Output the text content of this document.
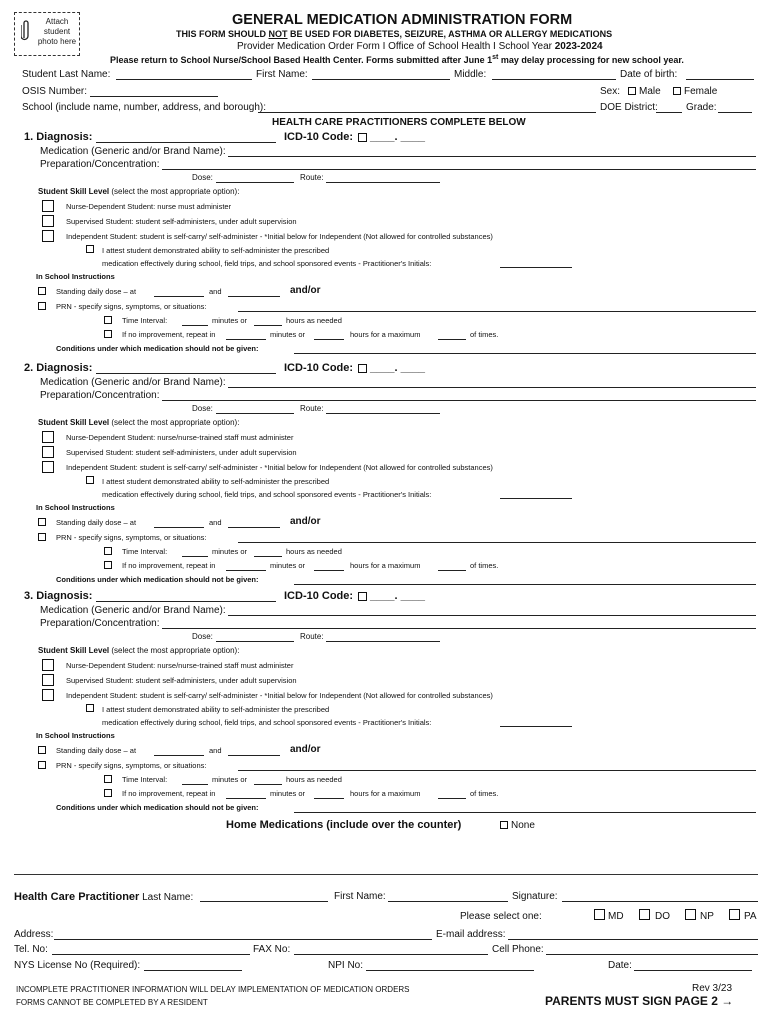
Attach student photo here
GENERAL MEDICATION ADMINISTRATION FORM
THIS FORM SHOULD NOT BE USED FOR DIABETES, SEIZURE, ASTHMA OR ALLERGY MEDICATIONS
Provider Medication Order Form I Office of School Health I School Year 2023-2024
Please return to School Nurse/School Based Health Center. Forms submitted after June 1st may delay processing for new school year.
Student Last Name:	First Name:	Middle:	Date of birth:
OSIS Number:	Sex:	Male	Female
School (include name, number, address, and borough):	DOE District:	Grade:
HEALTH CARE PRACTITIONERS COMPLETE BELOW
1. Diagnosis:	ICD-10 Code: ____. ____
Medication (Generic and/or Brand Name):
Preparation/Concentration:
Dose:	Route:
Student Skill Level (select the most appropriate option):
Nurse-Dependent Student: nurse must administer
Supervised Student: student self-administers, under adult supervision
Independent Student: student is self-carry/ self-administer - *Initial below for Independent (Not allowed for controlled substances)
I attest student demonstrated ability to self-administer the prescribed
medication effectively during school, field trips, and school sponsored events - Practitioner's Initials:
In School Instructions
Standing daily dose – at	and	and/or
PRN - specify signs, symptoms, or situations:
Time Interval:	minutes or	hours as needed
If no improvement, repeat in	minutes or	hours for a maximum	of times.
Conditions under which medication should not be given:
2. Diagnosis:	ICD-10 Code: ____. ____
Medication (Generic and/or Brand Name):
Preparation/Concentration:
Dose:	Route:
Student Skill Level (select the most appropriate option):
Nurse-Dependent Student: nurse/nurse-trained staff must administer
Supervised Student: student self-administers, under adult supervision
Independent Student: student is self-carry/ self-administer - *Initial below for Independent (Not allowed for controlled substances)
I attest student demonstrated ability to self-administer the prescribed
medication effectively during school, field trips, and school sponsored events - Practitioner's Initials:
In School Instructions
Standing daily dose – at	and	and/or
PRN - specify signs, symptoms, or situations:
Time Interval:	minutes or	hours as needed
If no improvement, repeat in	minutes or	hours for a maximum	of times.
Conditions under which medication should not be given:
3. Diagnosis:	ICD-10 Code: ____. ____
Medication (Generic and/or Brand Name):
Preparation/Concentration:
Dose:	Route:
Student Skill Level (select the most appropriate option):
Nurse-Dependent Student: nurse/nurse-trained staff must administer
Supervised Student: student self-administers, under adult supervision
Independent Student: student is self-carry/ self-administer - *Initial below for Independent (Not allowed for controlled substances)
I attest student demonstrated ability to self-administer the prescribed
medication effectively during school, field trips, and school sponsored events - Practitioner's Initials:
In School Instructions
Standing daily dose – at	and	and/or
PRN - specify signs, symptoms, or situations:
Time Interval:	minutes or	hours as needed
If no improvement, repeat in	minutes or	hours for a maximum	of times.
Conditions under which medication should not be given:
Home Medications (include over the counter)	None
Health Care Practitioner Last Name:	First Name:	Signature:
Please select one:	MD	DO	NP	PA
Address:	E-mail address:
Tel. No:	FAX No:	Cell Phone:
NYS License No (Required):	NPI No:	Date:
INCOMPLETE PRACTITIONER INFORMATION WILL DELAY IMPLEMENTATION OF MEDICATION ORDERS
FORMS CANNOT BE COMPLETED BY A RESIDENT
Rev 3/23
PARENTS MUST SIGN PAGE 2 →
